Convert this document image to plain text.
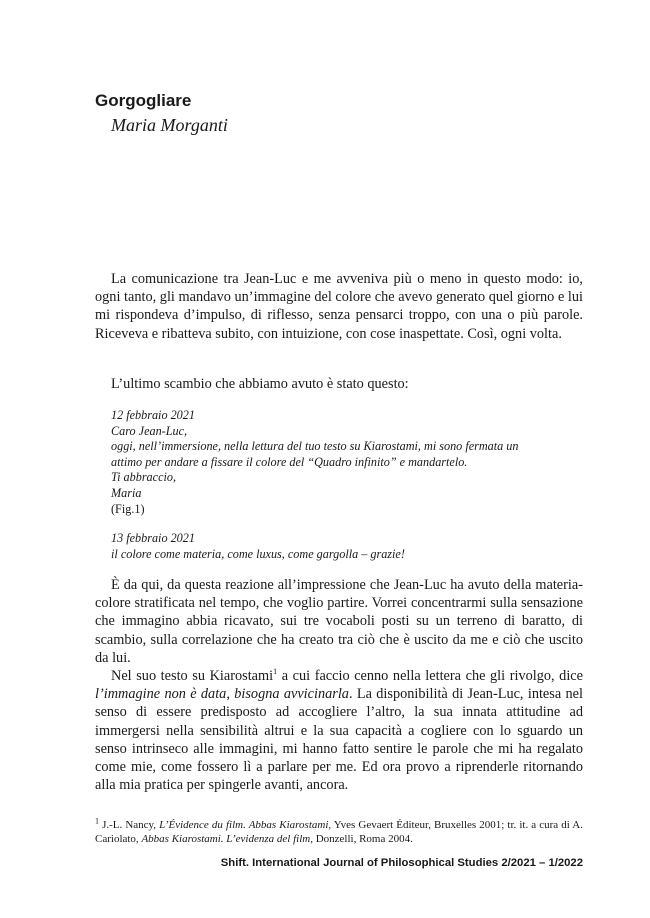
Gorgogliare
Maria Morganti

La comunicazione tra Jean-Luc e me avveniva più o meno in questo modo: io, ogni tanto, gli mandavo un’immagine del colore che avevo generato quel giorno e lui mi rispondeva d’impulso, di riflesso, senza pensarci troppo, con una o più parole. Riceveva e ribatteva subito, con intuizione, con cose inaspettate. Così, ogni volta.

L’ultimo scambio che abbiamo avuto è stato questo:

12 febbraio 2021
Caro Jean-Luc,
oggi, nell’immersione, nella lettura del tuo testo su Kiarostami, mi sono fermata un
attimo per andare a fissare il colore del “Quadro infinito” e mandartelo.
Ti abbraccio,
Maria
(Fig.1)
13 febbraio 2021
il colore come materia, come luxus, come gargolla – grazie!

È da qui, da questa reazione all’impressione che Jean-Luc ha avuto della materia-colore stratificata nel tempo, che voglio partire. Vorrei concentrarmi sulla sensazione che immagino abbia ricavato, sui tre vocaboli posti su un terreno di baratto, di scambio, sulla correlazione che ha creato tra ciò che è uscito da me e ciò che uscito da lui.

Nel suo testo su Kiarostami$^1$ a cui faccio cenno nella lettera che gli rivolgo, dice l’immagine non è data, bisogna avvicinarla. La disponibilità di Jean-Luc, intesa nel senso di essere predisposto ad accogliere l’altro, la sua innata attitudine ad immergersi nella sensibilità altrui e la sua capacità a cogliere con lo sguardo un senso intrinseco alle immagini, mi hanno fatto sentire le parole che mi ha regalato come mie, come fossero lì a parlare per me. Ed ora provo a riprenderle ritornando alla mia pratica per spingerle avanti, ancora.

$^1$ J.-L. Nancy, L’Évidence du film. Abbas Kiarostami, Yves Gevaert Éditeur, Bruxelles 2001; tr. it. a cura di A. Cariolato, Abbas Kiarostami. L’evidenza del film, Donzelli, Roma 2004.
Shift. International Journal of Philosophical Studies 2/2021 – 1/2022
